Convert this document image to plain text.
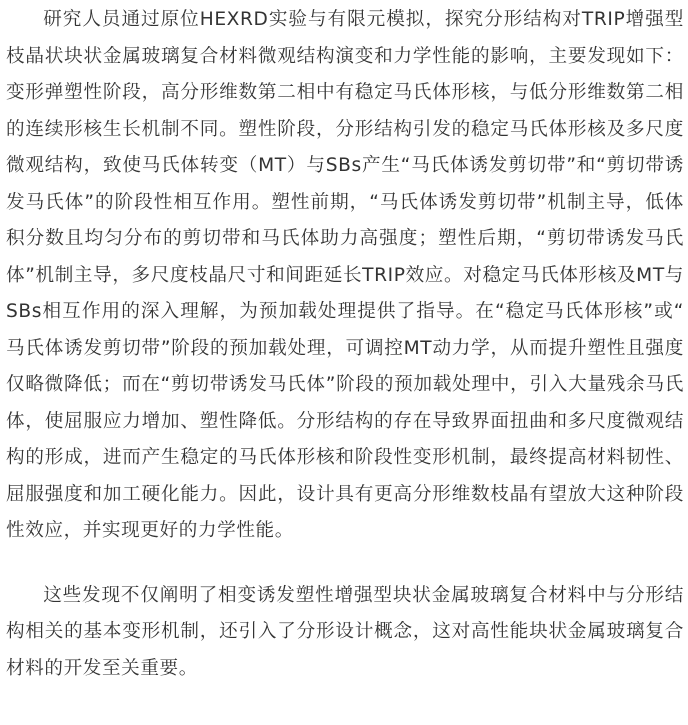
研究人员通过原位HEXRD实验与有限元模拟，探究分形结构对TRIP增强型枝晶状块状金属玻璃复合材料微观结构演变和力学性能的影响，主要发现如下：变形弹塑性阶段，高分形维数第二相中有稳定马氏体形核，与低分形维数第二相的连续形核生长机制不同。塑性阶段，分形结构引发的稳定马氏体形核及多尺度微观结构，致使马氏体转变（MT）与SBs产生“马氏体诱发剪切带”和“剪切带诱发马氏体”的阶段性相互作用。塑性前期，“马氏体诱发剪切带”机制主导，低体积分数且均匀分布的剪切带和马氏体助力高强度；塑性后期，“剪切带诱发马氏体”机制主导，多尺度枝晶尺寸和间距延长TRIP效应。对稳定马氏体形核及MT与SBs相互作用的深入理解，为预加载处理提供了指导。在“稳定马氏体形核”或“马氏体诱发剪切带”阶段的预加载处理，可调控MT动力学，从而提升塑性且强度仅略微降低；而在“剪切带诱发马氏体”阶段的预加载处理中，引入大量残余马氏体，使屈服应力增加、塑性降低。分形结构的存在导致界面扭曲和多尺度微观结构的形成，进而产生稳定的马氏体形核和阶段性变形机制，最终提高材料韧性、屈服强度和加工硬化能力。因此，设计具有更高分形维数枝晶有望放大这种阶段性效应，并实现更好的力学性能。

这些发现不仅阐明了相变诱发塑性增强型块状金属玻璃复合材料中与分形结构相关的基本变形机制，还引入了分形设计概念，这对高性能块状金属玻璃复合材料的开发至关重要。
